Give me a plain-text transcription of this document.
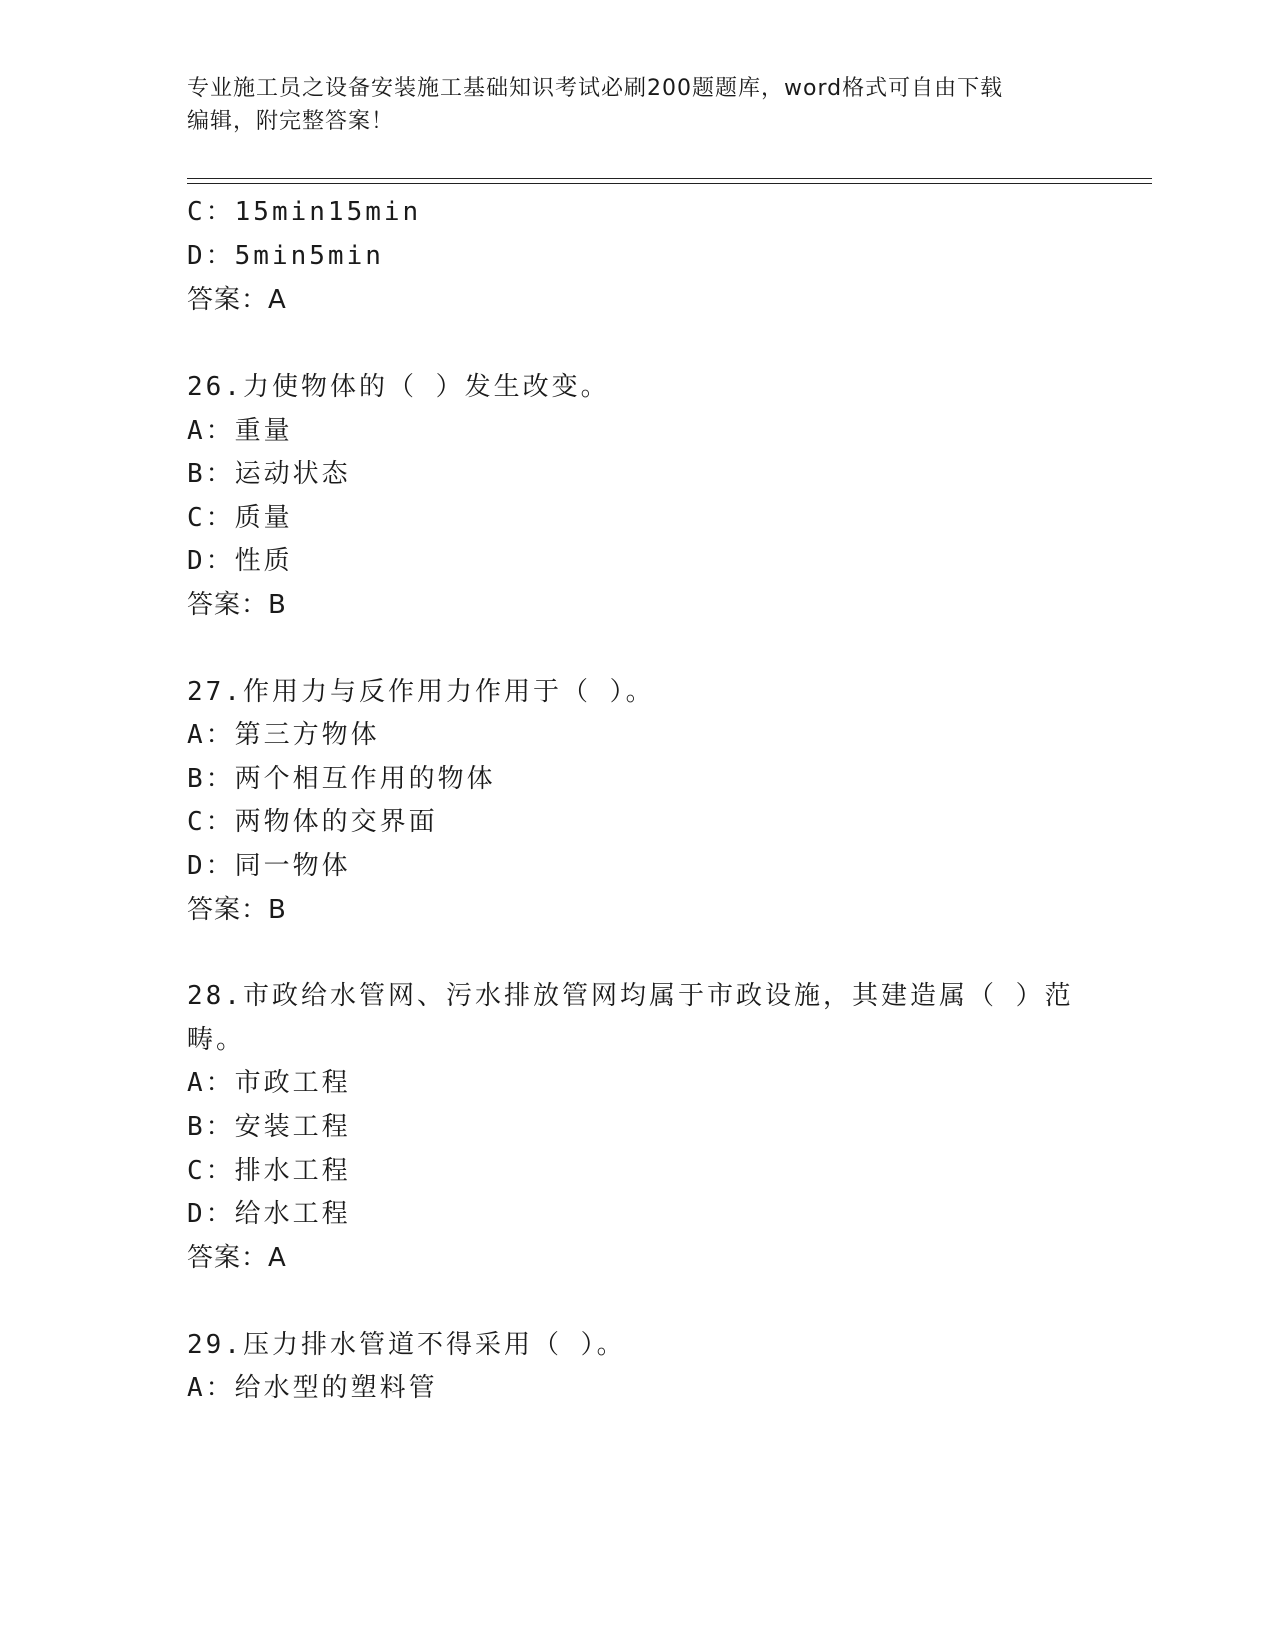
专业施工员之设备安装施工基础知识考试必刷200题题库，word格式可自由下载
编辑，附完整答案！
C：15min15min
D：5min5min
答案：A
26.力使物体的（ ）发生改变。
A：重量
B：运动状态
C：质量
D：性质
答案：B
27.作用力与反作用力作用于（ ）。
A：第三方物体
B：两个相互作用的物体
C：两物体的交界面
D：同一物体
答案：B
28.市政给水管网、污水排放管网均属于市政设施，其建造属（ ）范
畴。
A：市政工程
B：安装工程
C：排水工程
D：给水工程
答案：A
29.压力排水管道不得采用（ ）。
A：给水型的塑料管
